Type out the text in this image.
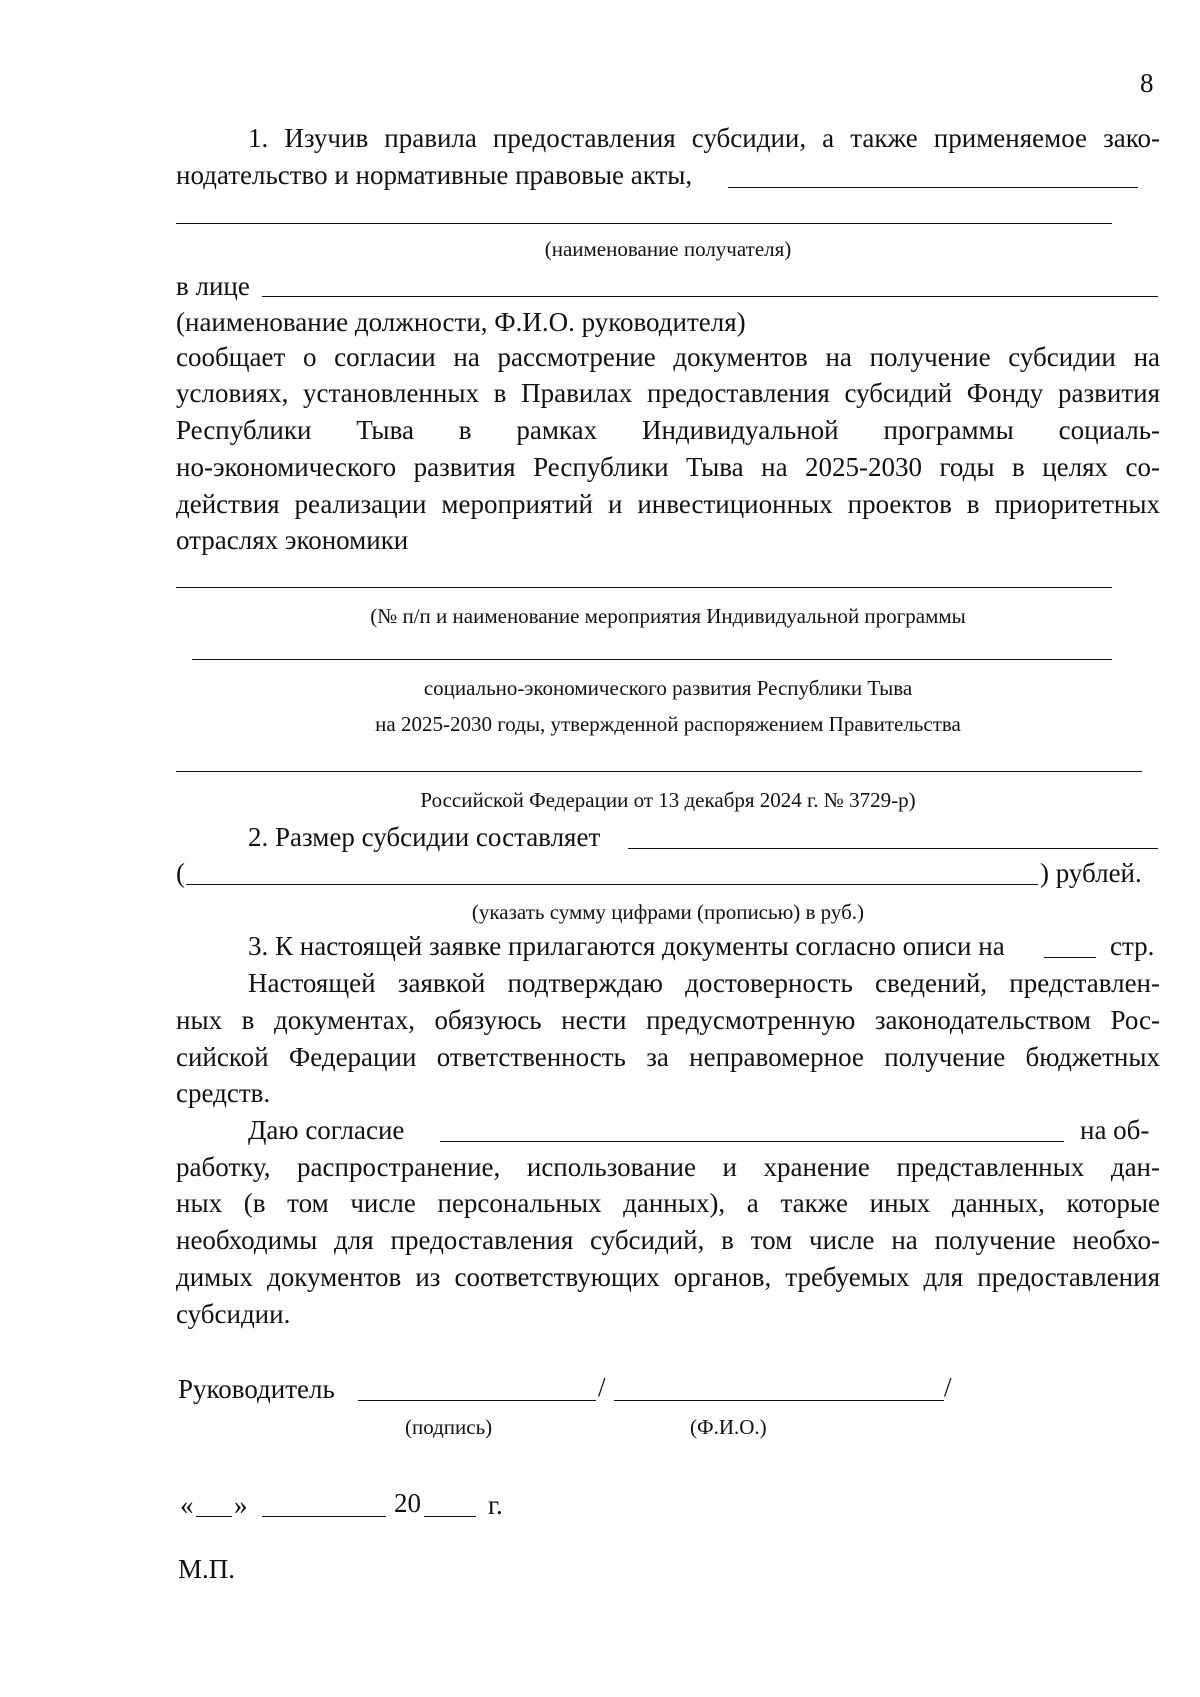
8
1. Изучив правила предоставления субсидии, а также применяемое зако-
нодательство и нормативные правовые акты,
(наименование получателя)
в лице
(наименование должности, Ф.И.О. руководителя)
сообщает о согласии на рассмотрение документов на получение субсидии на
условиях, установленных в Правилах предоставления субсидий Фонду развития
Республики Тыва в рамках Индивидуальной программы социаль-
но-экономического развития Республики Тыва на 2025-2030 годы в целях со-
действия реализации мероприятий и инвестиционных проектов в приоритетных
отраслях экономики
(№ п/п и наименование мероприятия Индивидуальной программы
социально-экономического развития Республики Тыва
на 2025-2030 годы, утвержденной распоряжением Правительства
Российской Федерации от 13 декабря 2024 г. № 3729-р)
2. Размер субсидии составляет
(	) рублей.
(указать сумму цифрами (прописью) в руб.)
3. К настоящей заявке прилагаются документы согласно описи на	стр.
Настоящей заявкой подтверждаю достоверность сведений, представлен-
ных в документах, обязуюсь нести предусмотренную законодательством Рос-
сийской Федерации ответственность за неправомерное получение бюджетных
средств.
Даю согласие	на об-
работку, распространение, использование и хранение представленных дан-
ных (в том числе персональных данных), а также иных данных, которые
необходимы для предоставления субсидий, в том числе на получение необхо-
димых документов из соответствующих органов, требуемых для предоставления
субсидии.
Руководитель	/	/
(подпись)	(Ф.И.О.)
« »	20 г.
М.П.
